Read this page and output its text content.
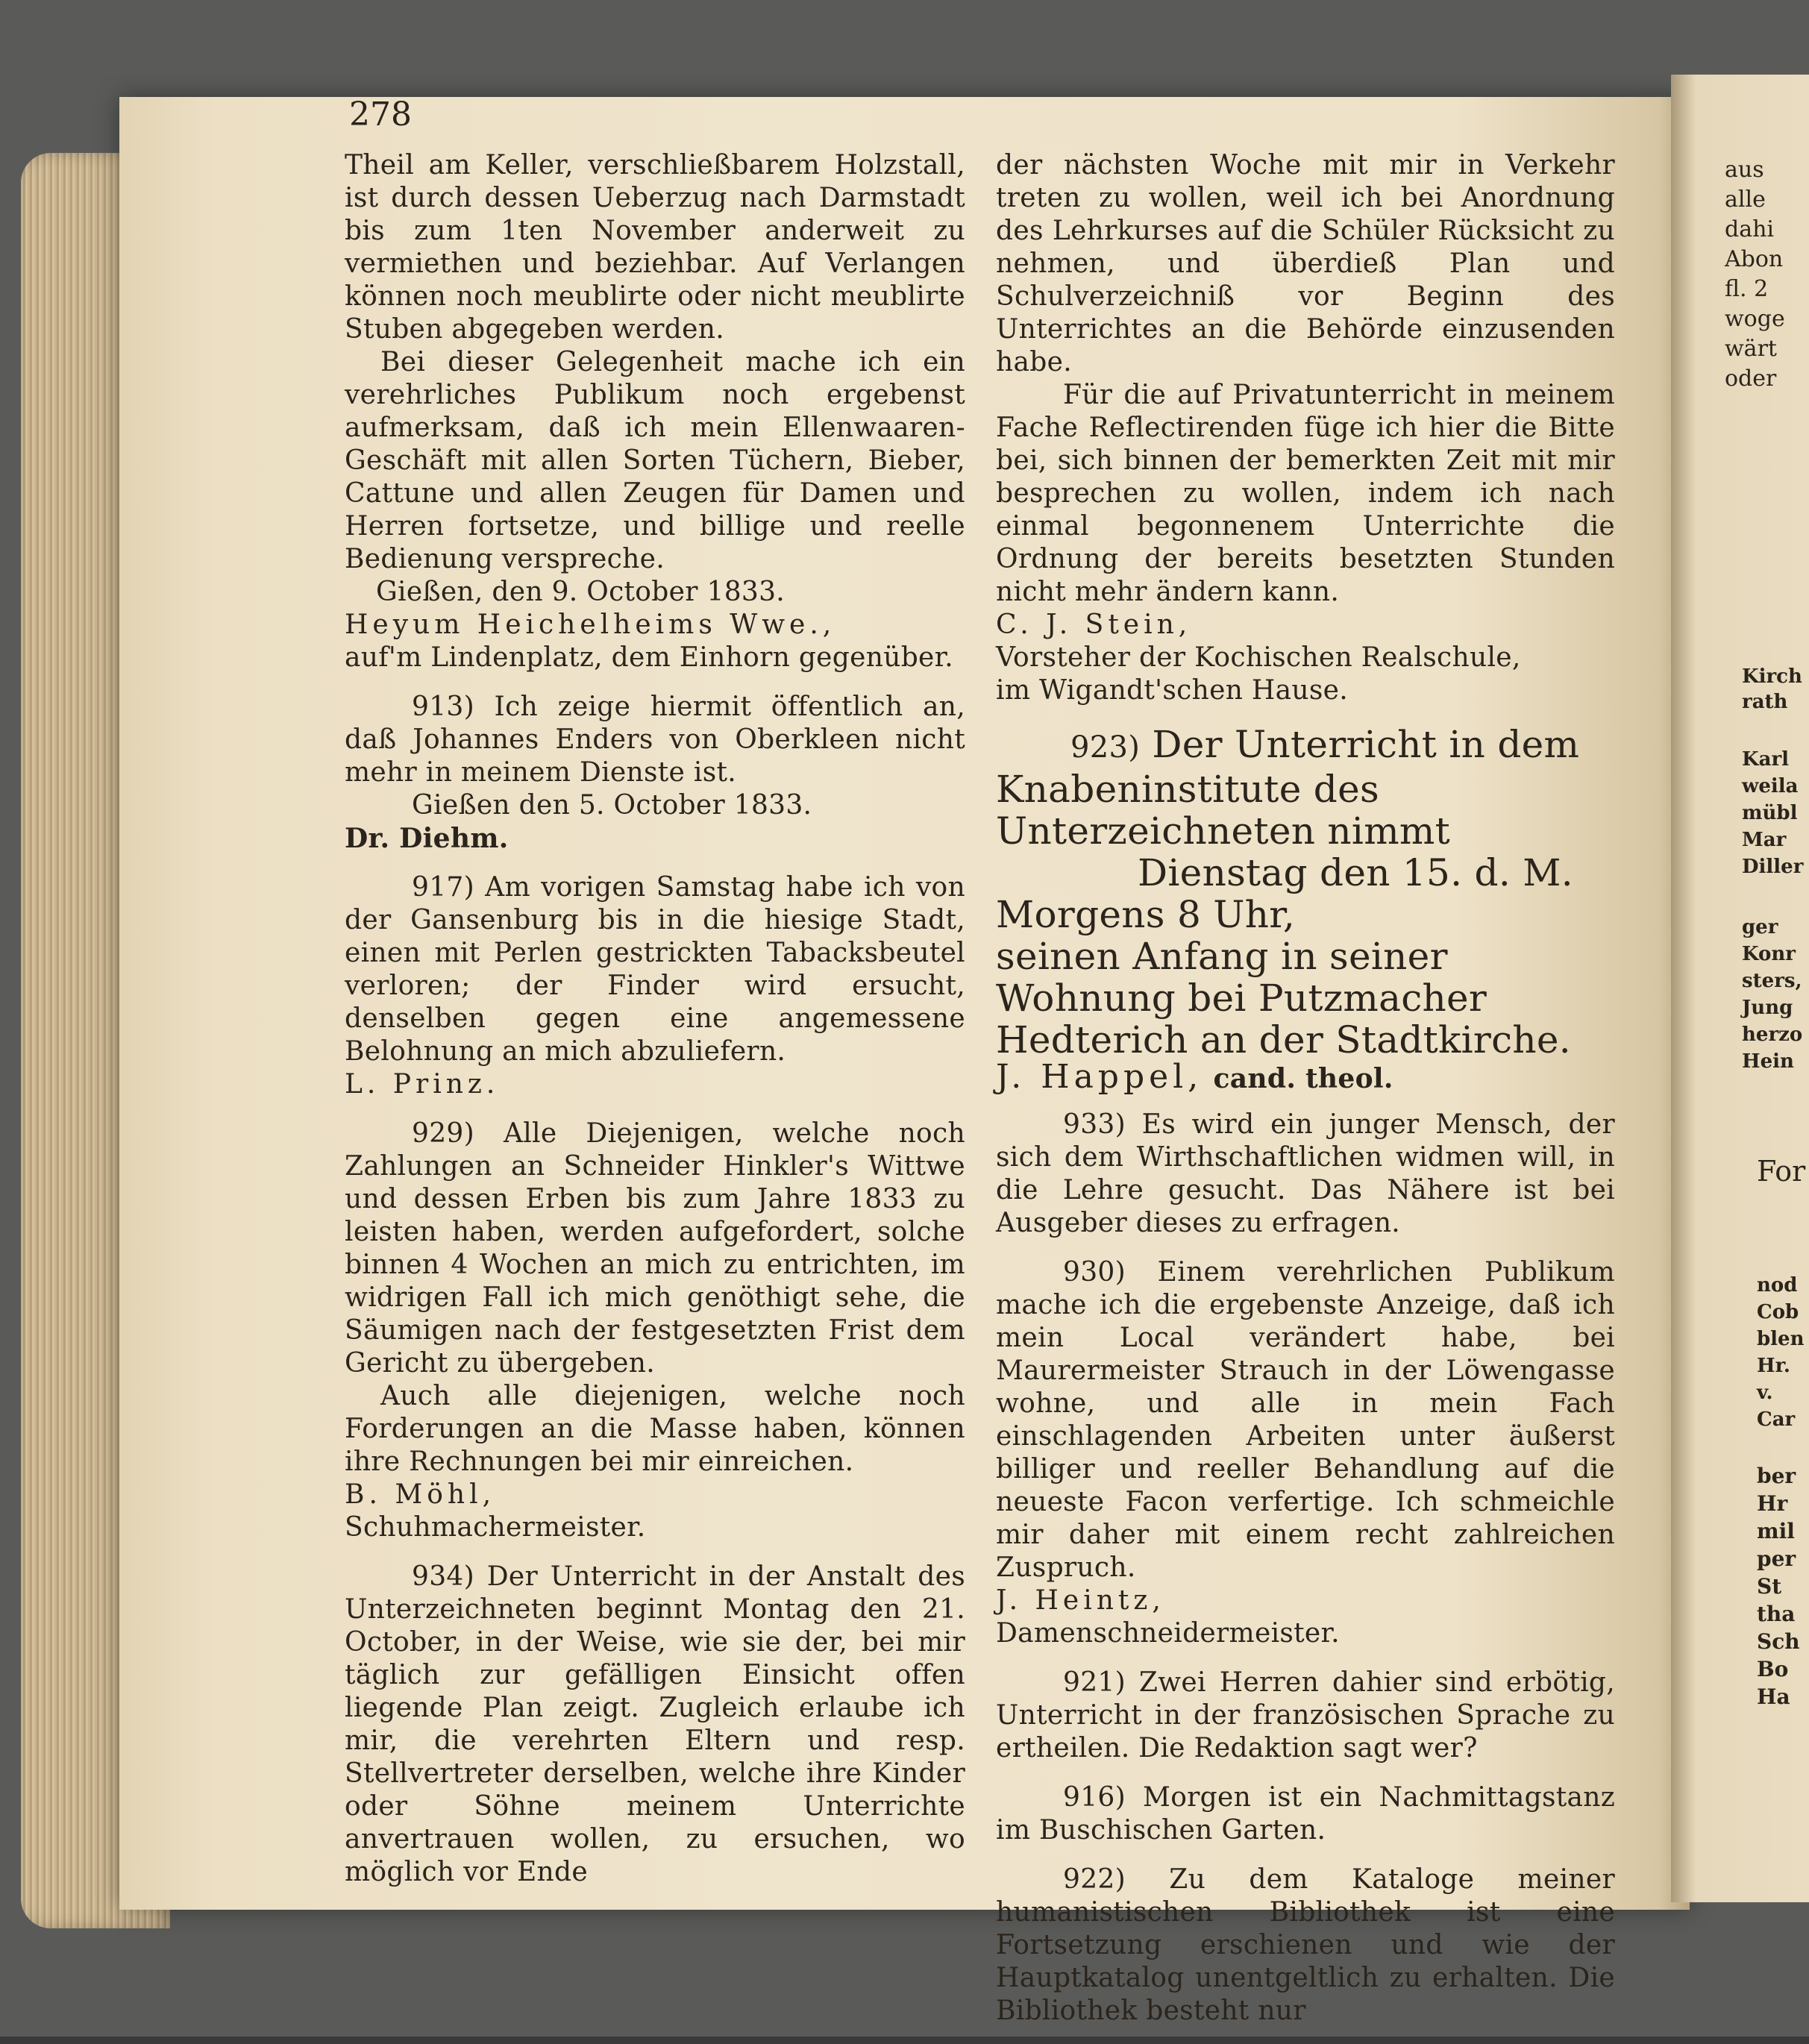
278

Theil am Keller, verschließbarem Holzstall, ist durch dessen Ueberzug nach Darmstadt bis zum 1ten November anderweit zu vermiethen und beziehbar. Auf Verlangen können noch meublirte oder nicht meublirte Stuben abgegeben werden.

Bei dieser Gelegenheit mache ich ein verehrliches Publikum noch ergebenst aufmerksam, daß ich mein Ellenwaaren-Geschäft mit allen Sorten Tüchern, Bieber, Cattune und allen Zeugen für Damen und Herren fortsetze, und billige und reelle Bedienung verspreche.

Gießen, den 9. October 1833.

Heyum Heichelheims Wwe.,

auf'm Lindenplatz, dem Einhorn gegenüber.

913) Ich zeige hiermit öffentlich an, daß Johannes Enders von Oberkleen nicht mehr in meinem Dienste ist.

Gießen den 5. October 1833.

Dr. Diehm.

917) Am vorigen Samstag habe ich von der Gansenburg bis in die hiesige Stadt, einen mit Perlen gestrickten Tabacksbeutel verloren; der Finder wird ersucht, denselben gegen eine angemessene Belohnung an mich abzuliefern.

L. Prinz.

929) Alle Diejenigen, welche noch Zahlungen an Schneider Hinkler's Wittwe und dessen Erben bis zum Jahre 1833 zu leisten haben, werden aufgefordert, solche binnen 4 Wochen an mich zu entrichten, im widrigen Fall ich mich genöthigt sehe, die Säumigen nach der festgesetzten Frist dem Gericht zu übergeben.

Auch alle diejenigen, welche noch Forderungen an die Masse haben, können ihre Rechnungen bei mir einreichen.

B. Möhl,

Schuhmachermeister.

934) Der Unterricht in der Anstalt des Unterzeichneten beginnt Montag den 21. October, in der Weise, wie sie der, bei mir täglich zur gefälligen Einsicht offen liegende Plan zeigt. Zugleich erlaube ich mir, die verehrten Eltern und resp. Stellvertreter derselben, welche ihre Kinder oder Söhne meinem Unterrichte anvertrauen wollen, zu ersuchen, wo möglich vor Ende

der nächsten Woche mit mir in Verkehr treten zu wollen, weil ich bei Anordnung des Lehrkurses auf die Schüler Rücksicht zu nehmen, und überdieß Plan und Schulverzeichniß vor Beginn des Unterrichtes an die Behörde einzusenden habe.

Für die auf Privatunterricht in meinem Fache Reflectirenden füge ich hier die Bitte bei, sich binnen der bemerkten Zeit mit mir besprechen zu wollen, indem ich nach einmal begonnenem Unterrichte die Ordnung der bereits besetzten Stunden nicht mehr ändern kann.

C. J. Stein,

Vorsteher der Kochischen Realschule,

im Wigandt'schen Hause.

923) Der Unterricht in dem Knabeninstitute des Unterzeichneten nimmt

Dienstag den 15. d. M. Morgens 8 Uhr,

seinen Anfang in seiner Wohnung bei Putzmacher Hedterich an der Stadtkirche.

J. Happel, cand. theol.

933) Es wird ein junger Mensch, der sich dem Wirthschaftlichen widmen will, in die Lehre gesucht. Das Nähere ist bei Ausgeber dieses zu erfragen.

930) Einem verehrlichen Publikum mache ich die ergebenste Anzeige, daß ich mein Local verändert habe, bei Maurermeister Strauch in der Löwengasse wohne, und alle in mein Fach einschlagenden Arbeiten unter äußerst billiger und reeller Behandlung auf die neueste Facon verfertige. Ich schmeichle mir daher mit einem recht zahlreichen Zuspruch.

J. Heintz,

Damenschneidermeister.

921) Zwei Herren dahier sind erbötig, Unterricht in der französischen Sprache zu ertheilen. Die Redaktion sagt wer?

916) Morgen ist ein Nachmittagstanz im Buschischen Garten.

922) Zu dem Kataloge meiner humanistischen Bibliothek ist eine Fortsetzung erschienen und wie der Hauptkatalog unentgeltlich zu erhalten. Die Bibliothek besteht nur

aus
alle
dahi
Abon
fl. 2
woge
wärt
oder
Kirch
rath
Karl
weila
mübl
Mar
Diller
ger
Konr
sters,
Jung
herzo
Hein
For
nod
Cob
blen
Hr.
v.
Car
ber
Hr
mil
per
St
tha
Sch
Bo
Ha
